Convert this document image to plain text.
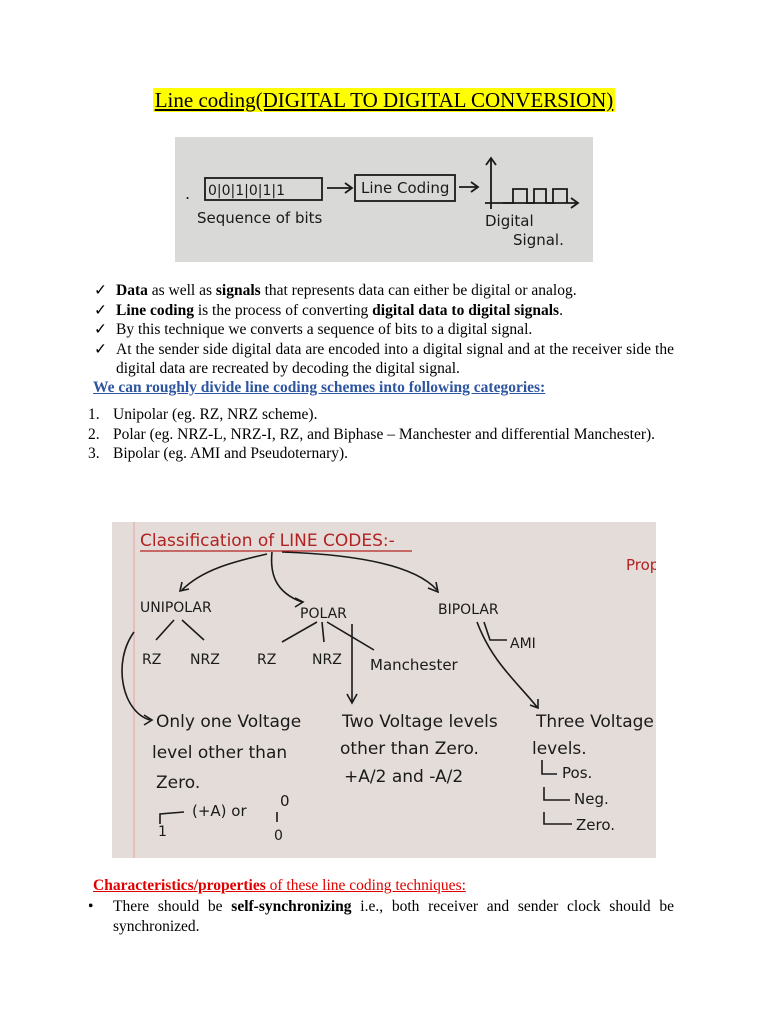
Line coding(DIGITAL TO DIGITAL CONVERSION)
. 0|0|1|0|1|1	Line Coding
Sequence of bits	Digital
Signal.
✓ Data as well as signals that represents data can either be digital or analog.
✓ Line coding is the process of converting digital data to digital signals.
✓ By this technique we converts a sequence of bits to a digital signal.
✓ At the sender side digital data are encoded into a digital signal and at the receiver side the digital data are recreated by decoding the digital signal.
We can roughly divide line coding schemes into following categories:
1. Unipolar (eg. RZ, NRZ scheme).
2. Polar (eg. NRZ-L, NRZ-I, RZ, and Biphase – Manchester and differential Manchester).
3. Bipolar (eg. AMI and Pseudoternary).
Classification of LINE CODES:-
Prop
UNIPOLAR	POLAR	BIPOLAR
RZ NRZ	RZ	NRZ Manchester
AMI
Only one Voltage
level other than
Zero.
(+A) or
0
1	0
Two Voltage levels
other than Zero.
+A/2 and -A/2
Three Voltage
levels.
Pos.
Neg.
Zero.
Characteristics/properties of these line coding techniques:
•	There should be self-synchronizing i.e., both receiver and sender clock should be synchronized.
